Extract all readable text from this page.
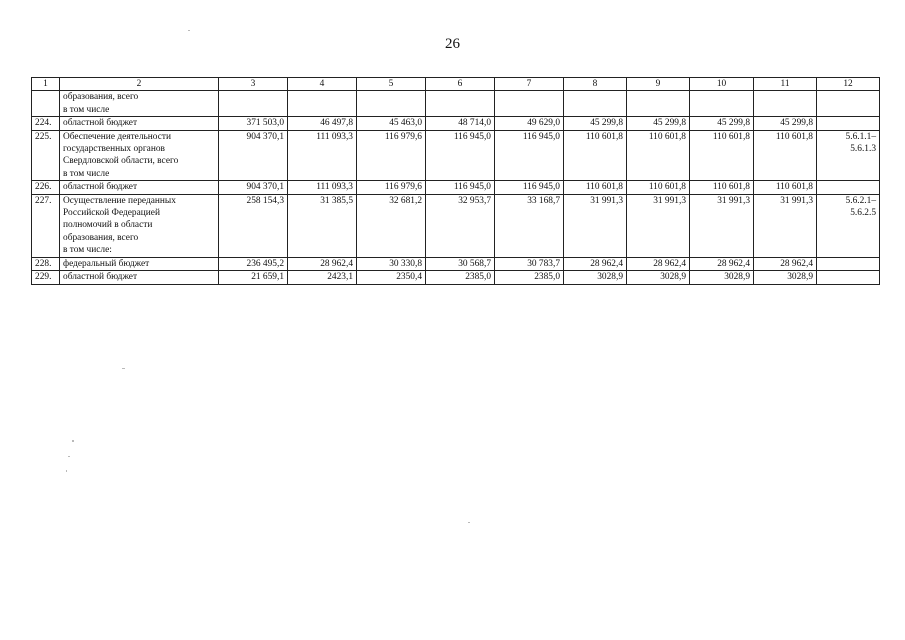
26
1	2	3	4	5	6	7	8	9	10	11	12

	образования, всего
в том числе										

224.	областной бюджет	371 503,0	46 497,8	45 463,0	48 714,0	49 629,0	45 299,8	45 299,8	45 299,8	45 299,8	
225.	Обеспечение деятельности
государственных органов
Свердловской области, всего
в том числе	904 370,1	111 093,3	116 979,6	116 945,0	116 945,0	110 601,8	110 601,8	110 601,8	110 601,8	5.6.1.1–
5.6.1.3

226.	областной бюджет	904 370,1	111 093,3	116 979,6	116 945,0	116 945,0	110 601,8	110 601,8	110 601,8	110 601,8	
227.	Осуществление переданных
Российской Федерацией
полномочий в области
образования, всего
в том числе:	258 154,3	31 385,5	32 681,2	32 953,7	33 168,7	31 991,3	31 991,3	31 991,3	31 991,3	5.6.2.1–
5.6.2.5

228.	федеральный бюджет	236 495,2	28 962,4	30 330,8	30 568,7	30 783,7	28 962,4	28 962,4	28 962,4	28 962,4	
229.	областной бюджет	21 659,1	2423,1	2350,4	2385,0	2385,0	3028,9	3028,9	3028,9	3028,9	
